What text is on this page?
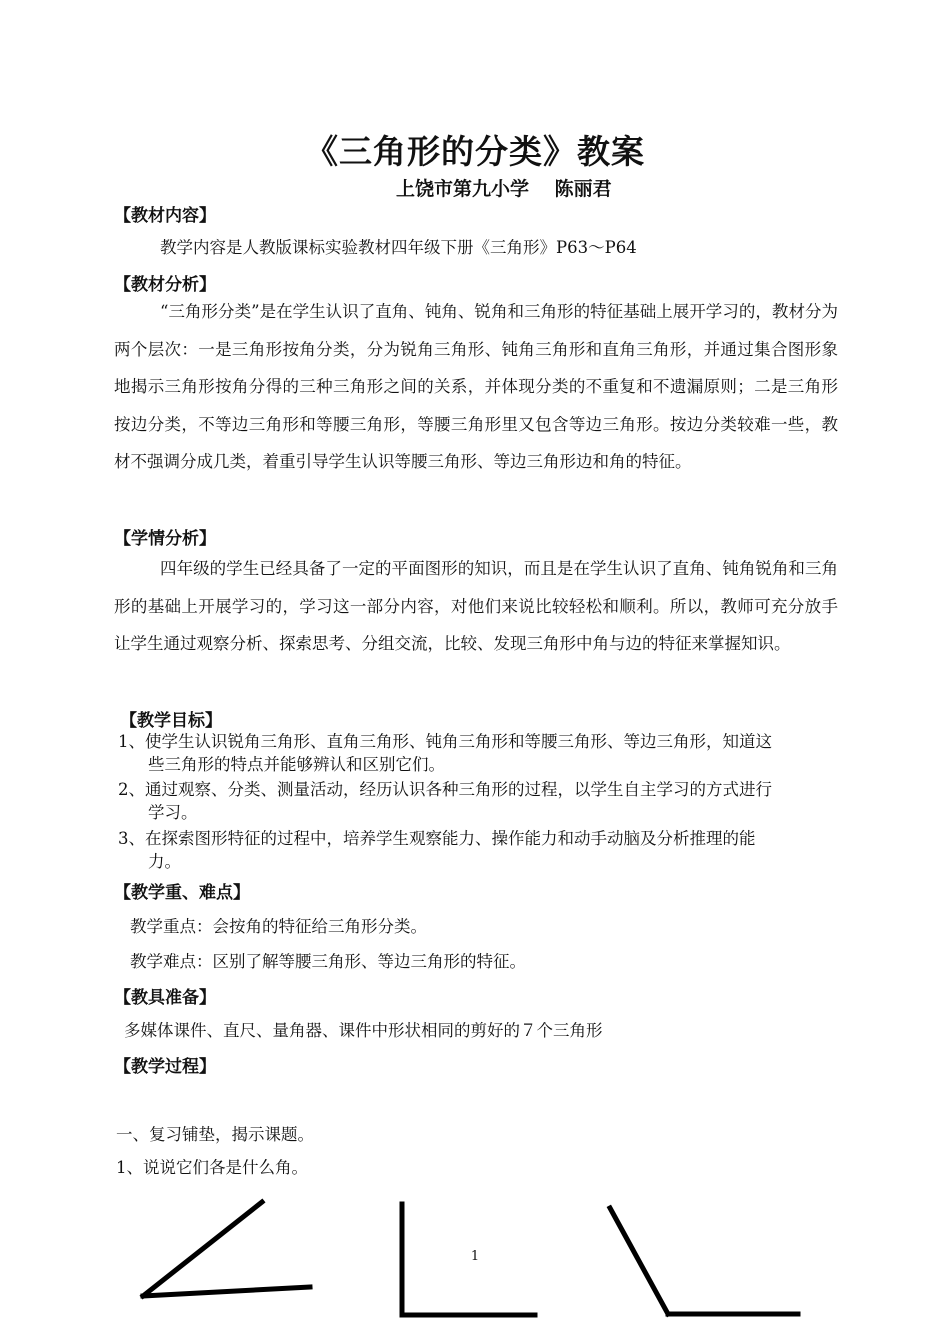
《三角形的分类》教案
上饶市第九小学　 陈丽君
【教材内容】
教学内容是人教版课标实验教材四年级下册《三角形》P63～P64
【教材分析】
“三角形分类”是在学生认识了直角、钝角、锐角和三角形的特征基础上展开学习的，教材分为两个层次：一是三角形按角分类，分为锐角三角形、钝角三角形和直角三角形，并通过集合图形象地揭示三角形按角分得的三种三角形之间的关系，并体现分类的不重复和不遗漏原则；二是三角形按边分类，不等边三角形和等腰三角形，等腰三角形里又包含等边三角形。按边分类较难一些，教材不强调分成几类，着重引导学生认识等腰三角形、等边三角形边和角的特征。
【学情分析】
四年级的学生已经具备了一定的平面图形的知识，而且是在学生认识了直角、钝角锐角和三角形的基础上开展学习的，学习这一部分内容，对他们来说比较轻松和顺利。所以，教师可充分放手让学生通过观察分析、探索思考、分组交流，比较、发现三角形中角与边的特征来掌握知识。
【教学目标】
1、使学生认识锐角三角形、直角三角形、钝角三角形和等腰三角形、等边三角形，知道这
些三角形的特点并能够辨认和区别它们。
2、通过观察、分类、测量活动，经历认识各种三角形的过程，以学生自主学习的方式进行
学习。
3、在探索图形特征的过程中，培养学生观察能力、操作能力和动手动脑及分析推理的能
力。
【教学重、难点】
教学重点：会按角的特征给三角形分类。
教学难点：区别了解等腰三角形、等边三角形的特征。
【教具准备】
多媒体课件、直尺、量角器、课件中形状相同的剪好的７个三角形
【教学过程】
一、复习铺垫，揭示课题。
1、说说它们各是什么角。
1
